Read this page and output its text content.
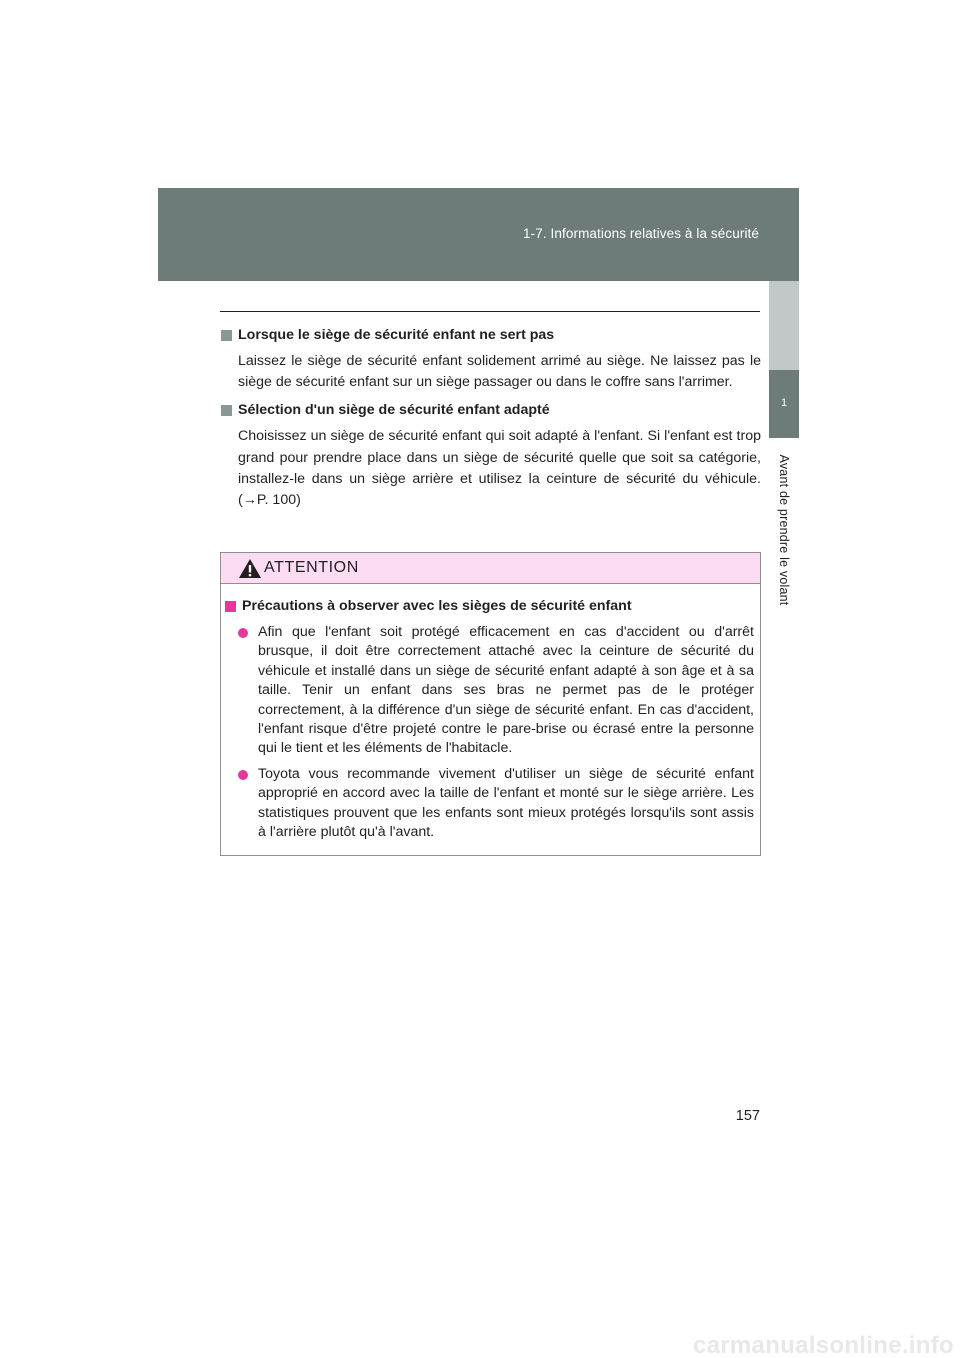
1-7. Informations relatives à la sécurité
1
Avant de prendre le volant
Lorsque le siège de sécurité enfant ne sert pas
Laissez le siège de sécurité enfant solidement arrimé au siège. Ne laissez pas le siège de sécurité enfant sur un siège passager ou dans le coffre sans l'arrimer.
Sélection d'un siège de sécurité enfant adapté
Choisissez un siège de sécurité enfant qui soit adapté à l'enfant. Si l'enfant est trop grand pour prendre place dans un siège de sécurité quelle que soit sa catégorie, installez-le dans un siège arrière et utilisez la ceinture de sécurité du véhicule. (→P. 100)
ATTENTION
Précautions à observer avec les sièges de sécurité enfant
Afin que l'enfant soit protégé efficacement en cas d'accident ou d'arrêt brusque, il doit être correctement attaché avec la ceinture de sécurité du véhicule et installé dans un siège de sécurité enfant adapté à son âge et à sa taille. Tenir un enfant dans ses bras ne permet pas de le protéger correctement, à la différence d'un siège de sécurité enfant. En cas d'accident, l'enfant risque d'être projeté contre le pare-brise ou écrasé entre la personne qui le tient et les éléments de l'habitacle.
Toyota vous recommande vivement d'utiliser un siège de sécurité enfant approprié en accord avec la taille de l'enfant et monté sur le siège arrière. Les statistiques prouvent que les enfants sont mieux protégés lorsqu'ils sont assis à l'arrière plutôt qu'à l'avant.
157
carmanualsonline.info
